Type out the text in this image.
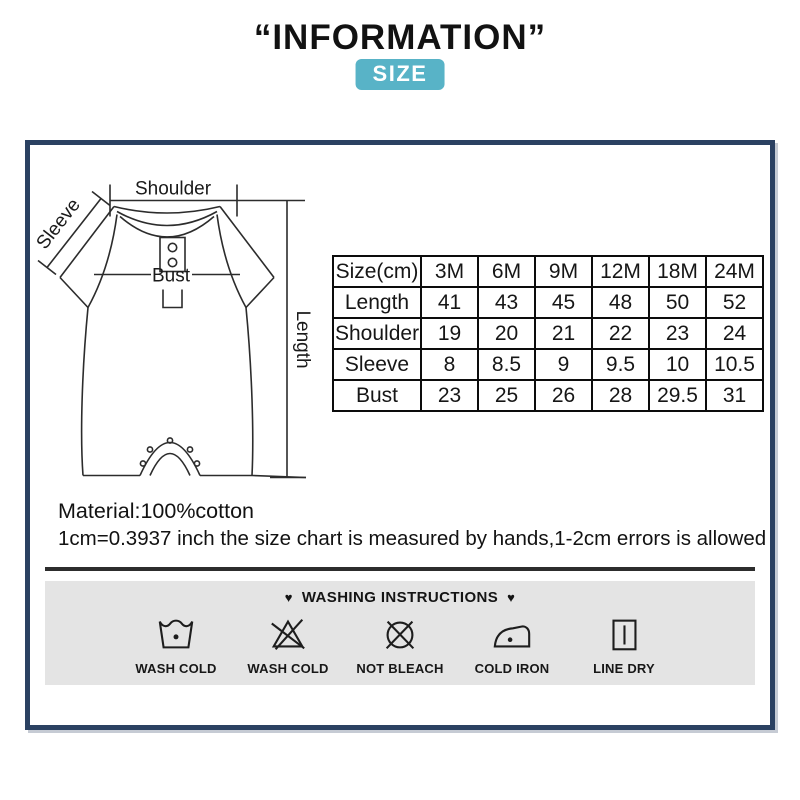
“INFORMATION”
SIZE
Shoulder
Sleeve
Bust
Length
Size(cm)	3M	6M	9M	12M	18M	24M
Length	41	43	45	48	50	52
Shoulder	19	20	21	22	23	24
Sleeve	8	8.5	9	9.5	10	10.5
Bust	23	25	26	28	29.5	31
Material:100%cotton
1cm=0.3937 inch the size chart is measured by hands,1-2cm errors is allowed
♥ WASHING INSTRUCTIONS ♥
WASH COLD WASH COLD NOT BLEACH COLD IRON	LINE DRY
